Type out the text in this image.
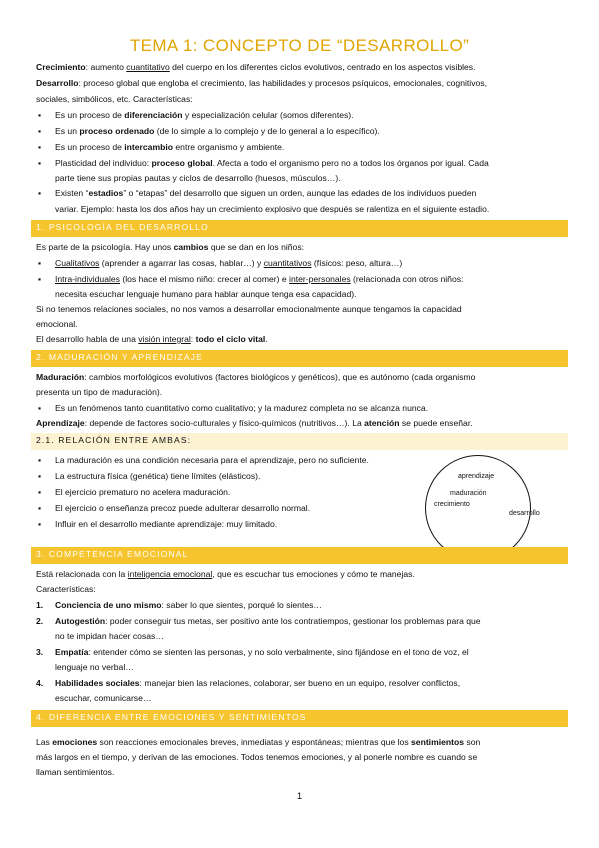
TEMA 1: CONCEPTO DE “DESARROLLO”
Crecimiento: aumento cuantitativo del cuerpo en los diferentes ciclos evolutivos, centrado en los aspectos visibles.
Desarrollo: proceso global que engloba el crecimiento, las habilidades y procesos psíquicos, emocionales, cognitivos,
sociales, simbólicos, etc. Características:
▪ Es un proceso de diferenciación y especialización celular (somos diferentes).
▪ Es un proceso ordenado (de lo simple a lo complejo y de lo general a lo específico).
▪ Es un proceso de intercambio entre organismo y ambiente.
▪ Plasticidad del individuo: proceso global. Afecta a todo el organismo pero no a todos los órganos por igual. Cada
parte tiene sus propias pautas y ciclos de desarrollo (huesos, músculos…).
▪ Existen “estadios” o “etapas” del desarrollo que siguen un orden, aunque las edades de los individuos pueden
variar. Ejemplo: hasta los dos años hay un crecimiento explosivo que después se ralentiza en el siguiente estadio.
1. PSICOLOGÍA DEL DESARROLLO
Es parte de la psicología. Hay unos cambios que se dan en los niños:
▪ Cualitativos (aprender a agarrar las cosas, hablar…) y cuantitativos (físicos: peso, altura…)
▪ Intra-individuales (los hace el mismo niño: crecer al comer) e inter-personales (relacionada con otros niños:
necesita escuchar lenguaje humano para hablar aunque tenga esa capacidad).
Si no tenemos relaciones sociales, no nos vamos a desarrollar emocionalmente aunque tengamos la capacidad
emocional.
El desarrollo habla de una visión integral: todo el ciclo vital.
2. MADURACIÓN Y APRENDIZAJE
Maduración: cambios morfológicos evolutivos (factores biológicos y genéticos), que es autónomo (cada organismo
presenta un tipo de maduración).
▪ Es un fenómenos tanto cuantitativo como cualitativo; y la madurez completa no se alcanza nunca.
Aprendizaje: depende de factores socio-culturales y físico-químicos (nutritivos…). La atención se puede enseñar.
2.1. RELACIÓN ENTRE AMBAS:
▪ La maduración es una condición necesaria para el aprendizaje, pero no suficiente.
▪ La estructura física (genética) tiene límites (elásticos).
▪ El ejercicio prematuro no acelera maduración.
▪ El ejercicio o enseñanza precoz puede adulterar desarrollo normal.
▪ Influir en el desarrollo mediante aprendizaje: muy limitado.
aprendizaje
maduración
crecimiento
desarrollo
3. COMPETENCIA EMOCIONAL
Está relacionada con la inteligencia emocional, que es escuchar tus emociones y cómo te manejas.
Características:
1. Conciencia de uno mismo: saber lo que sientes, porqué lo sientes…
2. Autogestión: poder conseguir tus metas, ser positivo ante los contratiempos, gestionar los problemas para que
no te impidan hacer cosas…
3. Empatía: entender cómo se sienten las personas, y no solo verbalmente, sino fijándose en el tono de voz, el
lenguaje no verbal…
4. Habilidades sociales: manejar bien las relaciones, colaborar, ser bueno en un equipo, resolver conflictos,
escuchar, comunicarse…
4. DIFERENCIA ENTRE EMOCIONES Y SENTIMIENTOS
Las emociones son reacciones emocionales breves, inmediatas y espontáneas; mientras que los sentimientos son
más largos en el tiempo, y derivan de las emociones. Todos tenemos emociones, y al ponerle nombre es cuando se
llaman sentimientos.
1
